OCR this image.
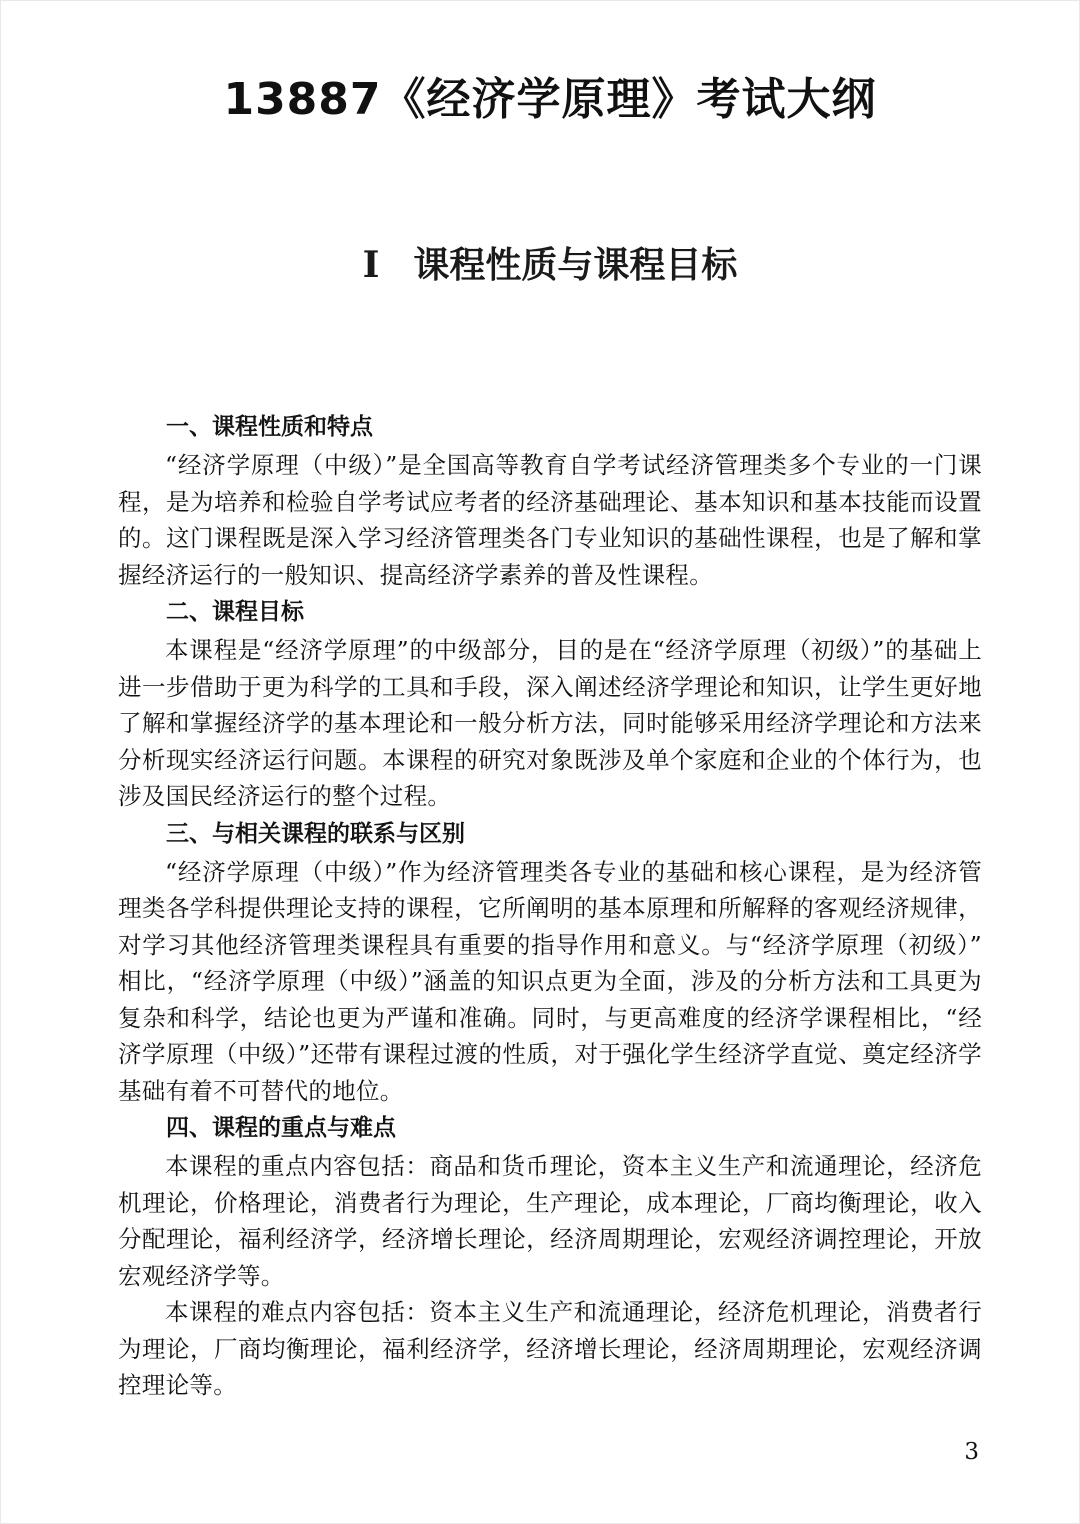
13887《经济学原理》考试大纲
Ⅰ 课程性质与课程目标
一、课程性质和特点

“经济学原理（中级）”是全国高等教育自学考试经济管理类多个专业的一门课程，是为培养和检验自学考试应考者的经济基础理论、基本知识和基本技能而设置的。这门课程既是深入学习经济管理类各门专业知识的基础性课程，也是了解和掌握经济运行的一般知识、提高经济学素养的普及性课程。

二、课程目标

本课程是“经济学原理”的中级部分，目的是在“经济学原理（初级）”的基础上进一步借助于更为科学的工具和手段，深入阐述经济学理论和知识，让学生更好地了解和掌握经济学的基本理论和一般分析方法，同时能够采用经济学理论和方法来分析现实经济运行问题。本课程的研究对象既涉及单个家庭和企业的个体行为，也涉及国民经济运行的整个过程。

三、与相关课程的联系与区别

“经济学原理（中级）”作为经济管理类各专业的基础和核心课程，是为经济管理类各学科提供理论支持的课程，它所阐明的基本原理和所解释的客观经济规律，对学习其他经济管理类课程具有重要的指导作用和意义。与“经济学原理（初级）”相比，“经济学原理（中级）”涵盖的知识点更为全面，涉及的分析方法和工具更为复杂和科学，结论也更为严谨和准确。同时，与更高难度的经济学课程相比，“经济学原理（中级）”还带有课程过渡的性质，对于强化学生经济学直觉、奠定经济学基础有着不可替代的地位。

四、课程的重点与难点

本课程的重点内容包括：商品和货币理论，资本主义生产和流通理论，经济危机理论，价格理论，消费者行为理论，生产理论，成本理论，厂商均衡理论，收入分配理论，福利经济学，经济增长理论，经济周期理论，宏观经济调控理论，开放宏观经济学等。

本课程的难点内容包括：资本主义生产和流通理论，经济危机理论，消费者行为理论，厂商均衡理论，福利经济学，经济增长理论，经济周期理论，宏观经济调控理论等。

3
